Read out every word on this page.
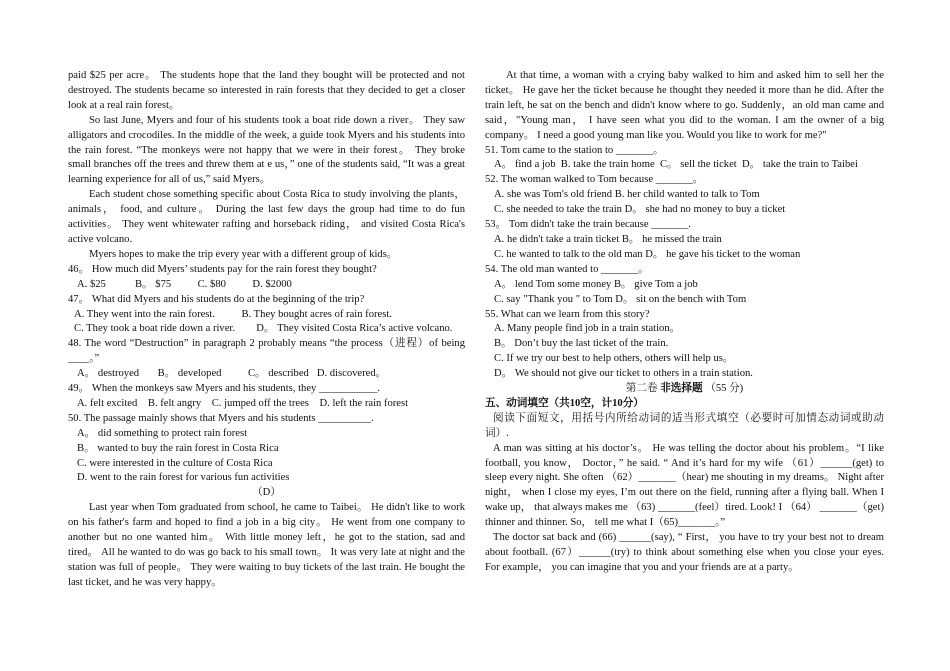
paid $25 per acre。 The students hope that the land they bought will be protected and not destroyed. The students became so interested in rain forests that they decided to get a closer look at a real rain forest。

So last June, Myers and four of his students took a boat ride down a river。 They saw alligators and crocodiles. In the middle of the week, a guide took Myers and his students into the rain forest. “The monkeys were not happy that we were in their forest。 They broke small branches off the trees and threw them at e us，” one of the students said, “It was a great learning experience for all of us,” said Myers。

Each student chose something specific about Costa Rica to study involving the plants， animals， food, and culture。 During the last few days the group had time to do fun activities。 They went whitewater rafting and horseback riding， and visited Costa Rica's active volcano.

Myers hopes to make the trip every year with a different group of kids。

46。 How much did Myers’ students pay for the rain forest they bought?

A. $25	B。 $75 C. $80 D. $2000

47。 What did Myers and his students do at the beginning of the trip?

A. They went into the rain forest. B. They bought acres of rain forest.

C. They took a boat ride down a river. D。 They visited Costa Rica’s active volcano.

48. The word “Destruction” in paragraph 2 probably means “the process（进程）of being ____。”

A。 destroyed B。 developed C。 described D. discovered。

49。 When the monkeys saw Myers and his students, they ___________.

A. felt excited B. felt angry C. jumped off the trees D. left the rain forest

50. The passage mainly shows that Myers and his students __________.

A。 did something to protect rain forest

B。 wanted to buy the rain forest in Costa Rica

C. were interested in the culture of Costa Rica

D. went to the rain forest for various fun activities

（D）

Last year when Tom graduated from school, he came to Taibei。 He didn't like to work on his father's farm and hoped to find a job in a big city。 He went from one company to another but no one wanted him。 With little money left，he got to the station, sad and tired。 All he wanted to do was go back to his small town。 It was very late at night and the station was full of people。 They were waiting to buy tickets of the last train. He bought the last ticket, and he was very happy。

At that time, a woman with a crying baby walked to him and asked him to sell her the ticket。 He gave her the ticket because he thought they needed it more than he did. After the train left, he sat on the bench and didn't know where to go. Suddenly，an old man came and said，"Young man， I have seen what you did to the woman. I am the owner of a big company。 I need a good young man like you. Would you like to work for me?"

51. Tom came to the station to _______。

A。 find a job B. take the train home C。 sell the ticket D。 take the train to Taibei

52. The woman walked to Tom because _______。

A. she was Tom's old friend B. her child wanted to talk to Tom

C. she needed to take the train D。 she had no money to buy a ticket

53。 Tom didn't take the train because _______.

A. he didn't take a train ticket B。 he missed the train

C. he wanted to talk to the old man D。 he gave his ticket to the woman

54. The old man wanted to _______。

A。 lend Tom some money B。 give Tom a job

C. say "Thank you " to Tom D。 sit on the bench with Tom

55. What can we learn from this story?

A. Many people find job in a train station。

B。 Don’t buy the last ticket of the train.

C. If we try our best to help others, others will help us。

D。 We should not give our ticket to others in a train station.

第二卷 非选择题 （55 分)

五、动词填空（共10空，计10分）

阅读下面短文，用括号内所给动词的适当形式填空（必要时可加情态动词或助动词）.

A man was sitting at his doctor’s。 He was telling the doctor about his problem。“I like football, you know， Doctor，” he said. “ And it’s hard for my wife （61）______(get) to sleep every night. She often （62）_______（hear) me shouting in my dreams。 Night after night， when I close my eyes, I’m out there on the field, running after a flying ball. When I wake up， that always makes me （63) _______(feel）tired. Look! I （64） _______（get) thinner and thinner. So， tell me what I（65)_______。”

The doctor sat back and (66) ______(say), “ First， you have to try your best not to dream about football. (67）______(try) to think about something else when you close your eyes. For example， you can imagine that you and your friends are at a party。
